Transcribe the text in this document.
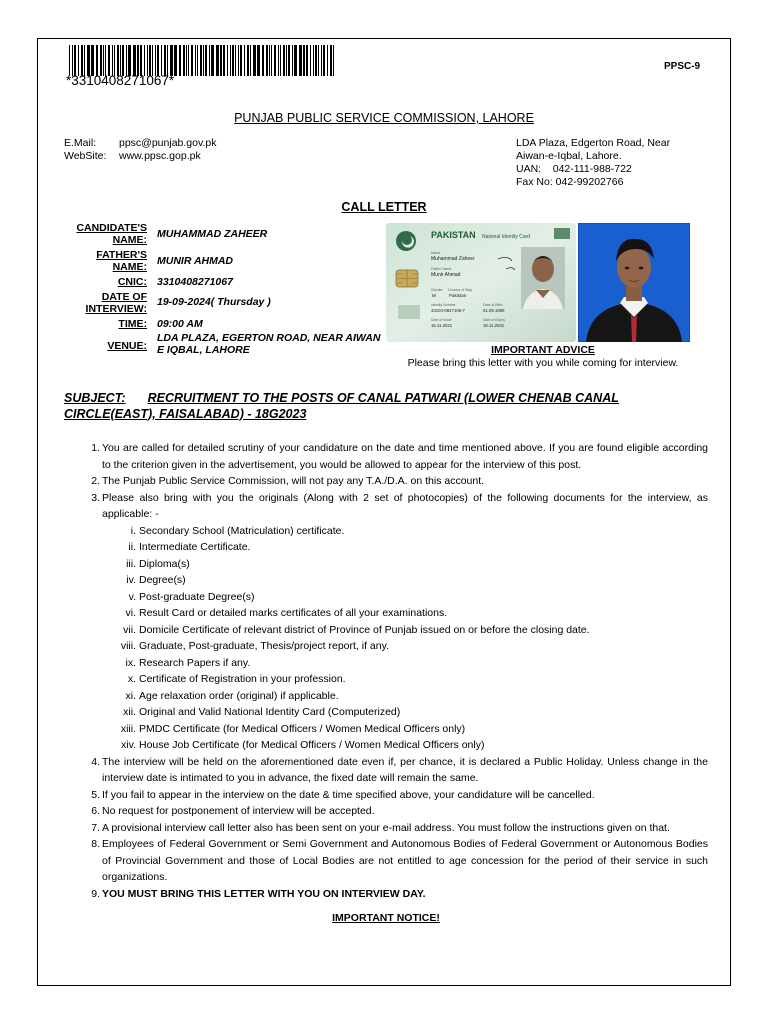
*3310408271067*
PPSC-9
PUNJAB PUBLIC SERVICE COMMISSION, LAHORE
E.Mail: ppsc@punjab.gov.pk
WebSite: www.ppsc.gop.pk
LDA Plaza, Edgerton Road, Near
Aiwan-e-Iqbal, Lahore.
UAN:    042-111-988-722
Fax No: 042-99202766
CALL LETTER
CANDIDATE'S
NAME: MUHAMMAD ZAHEER
FATHER'S
NAME: MUNIR AHMAD
CNIC: 3310408271067
DATE OF
INTERVIEW:
19-09-2024( Thursday )
TIME: 09:00 AM
VENUE:
LDA PLAZA, EGERTON ROAD, NEAR AIWAN
E IQBAL, LAHORE
PAKISTAN National Identity Card
Name
Muhammad Zaheer
Father Name
Munir Ahmad
Gender Country of Stay
M	Pakistan
Identity Number	Date of Birth
33104-0827106-7	01.09.1999
Date of Issue	Date of Expiry
16.11.2021	16.11.2031
IMPORTANT ADVICE
Please bring this letter with you while coming for interview.
SUBJECT: RECRUITMENT TO THE POSTS OF CANAL PATWARI (LOWER CHENAB CANAL CIRCLE(EAST), FAISALABAD) - 18G2023
1. You are called for detailed scrutiny of your candidature on the date and time mentioned above. If you are found eligible according to the criterion given in the advertisement, you would be allowed to appear for the interview of this post.
2. The Punjab Public Service Commission, will not pay any T.A./D.A. on this account.
3. Please also bring with you the originals (Along with 2 set of photocopies) of the following documents for the interview, as applicable: -
i. Secondary School (Matriculation) certificate.
ii. Intermediate Certificate.
iii. Diploma(s)
iv. Degree(s)
v. Post-graduate Degree(s)
vi. Result Card or detailed marks certificates of all your examinations.
vii. Domicile Certificate of relevant district of Province of Punjab issued on or before the closing date.
viii. Graduate, Post-graduate, Thesis/project report, if any.
ix. Research Papers if any.
x. Certificate of Registration in your profession.
xi. Age relaxation order (original) if applicable.
xii. Original and Valid National Identity Card (Computerized)
xiii. PMDC Certificate (for Medical Officers / Women Medical Officers only)
xiv. House Job Certificate (for Medical Officers / Women Medical Officers only)
4. The interview will be held on the aforementioned date even if, per chance, it is declared a Public Holiday. Unless change in the interview date is intimated to you in advance, the fixed date will remain the same.
5. If you fail to appear in the interview on the date & time specified above, your candidature will be cancelled.
6. No request for postponement of interview will be accepted.
7. A provisional interview call letter also has been sent on your e-mail address. You must follow the instructions given on that.
8. Employees of Federal Government or Semi Government and Autonomous Bodies of Federal Government or Autonomous Bodies of Provincial Government and those of Local Bodies are not entitled to age concession for the period of their service in such organizations.
9. YOU MUST BRING THIS LETTER WITH YOU ON INTERVIEW DAY.
IMPORTANT NOTICE!
